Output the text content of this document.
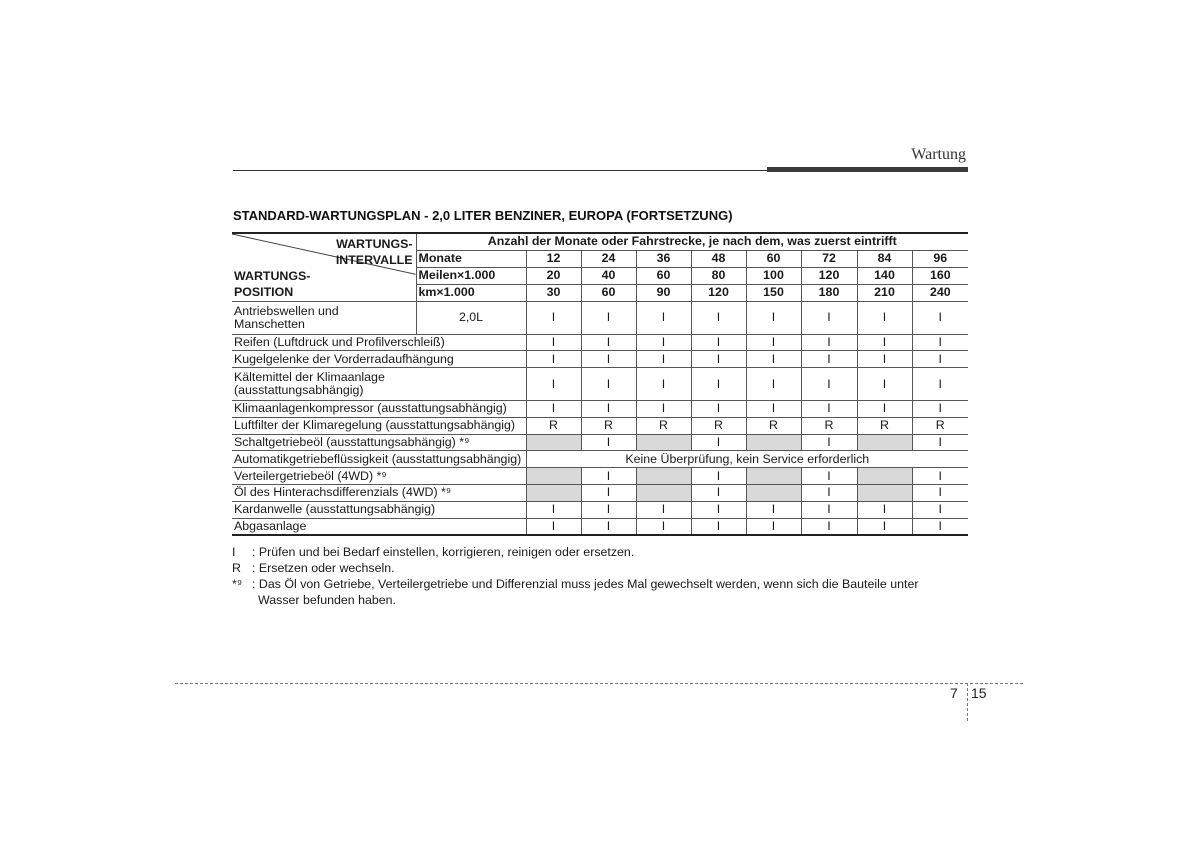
Wartung
STANDARD-WARTUNGSPLAN - 2,0 LITER BENZINER, EUROPA (FORTSETZUNG)
WARTUNGS-
INTERVALLE
WARTUNGS-
POSITION	Anzahl der Monate oder Fahrstrecke, je nach dem, was zuerst eintrifft								
	Monate	12	24	36	48	60	72	84	96
	Meilen×1.000	20	40	60	80	100	120	140	160
	km×1.000	30	60	90	120	150	180	210	240

Antriebswellen und
Manschetten	2,0L	I	I	I	I	I	I	I	I

Reifen (Luftdruck und Profilverschleiß)		I	I	I	I	I	I	I	I

Kugelgelenke der Vorderradaufhängung		I	I	I	I	I	I	I	I

Kältemittel der Klimaanlage
(ausstattungsabhängig)		I	I	I	I	I	I	I	I

Klimaanlagenkompressor (ausstattungsabhängig)		I	I	I	I	I	I	I	I

Luftfilter der Klimaregelung (ausstattungsabhängig)		R	R	R	R	R	R	R	R

Schaltgetriebeöl (ausstattungsabhängig) *⁹			I		I		I		I

Automatikgetriebeflüssigkeit (ausstattungsabhängig)		Keine Überprüfung, kein Service erforderlich							

Verteilergetriebeöl (4WD) *⁹			I		I		I		I

Öl des Hinterachsdifferenzials (4WD) *⁹			I		I		I		I

Kardanwelle (ausstattungsabhängig)		I	I	I	I	I	I	I	I

Abgasanlage		I	I	I	I	I	I	I	I
I : Prüfen und bei Bedarf einstellen, korrigieren, reinigen oder ersetzen.
R : Ersetzen oder wechseln.
*⁹ : Das Öl von Getriebe, Verteilergetriebe und Differenzial muss jedes Mal gewechselt werden, wenn sich die Bauteile unter
Wasser befunden haben.
7 15
